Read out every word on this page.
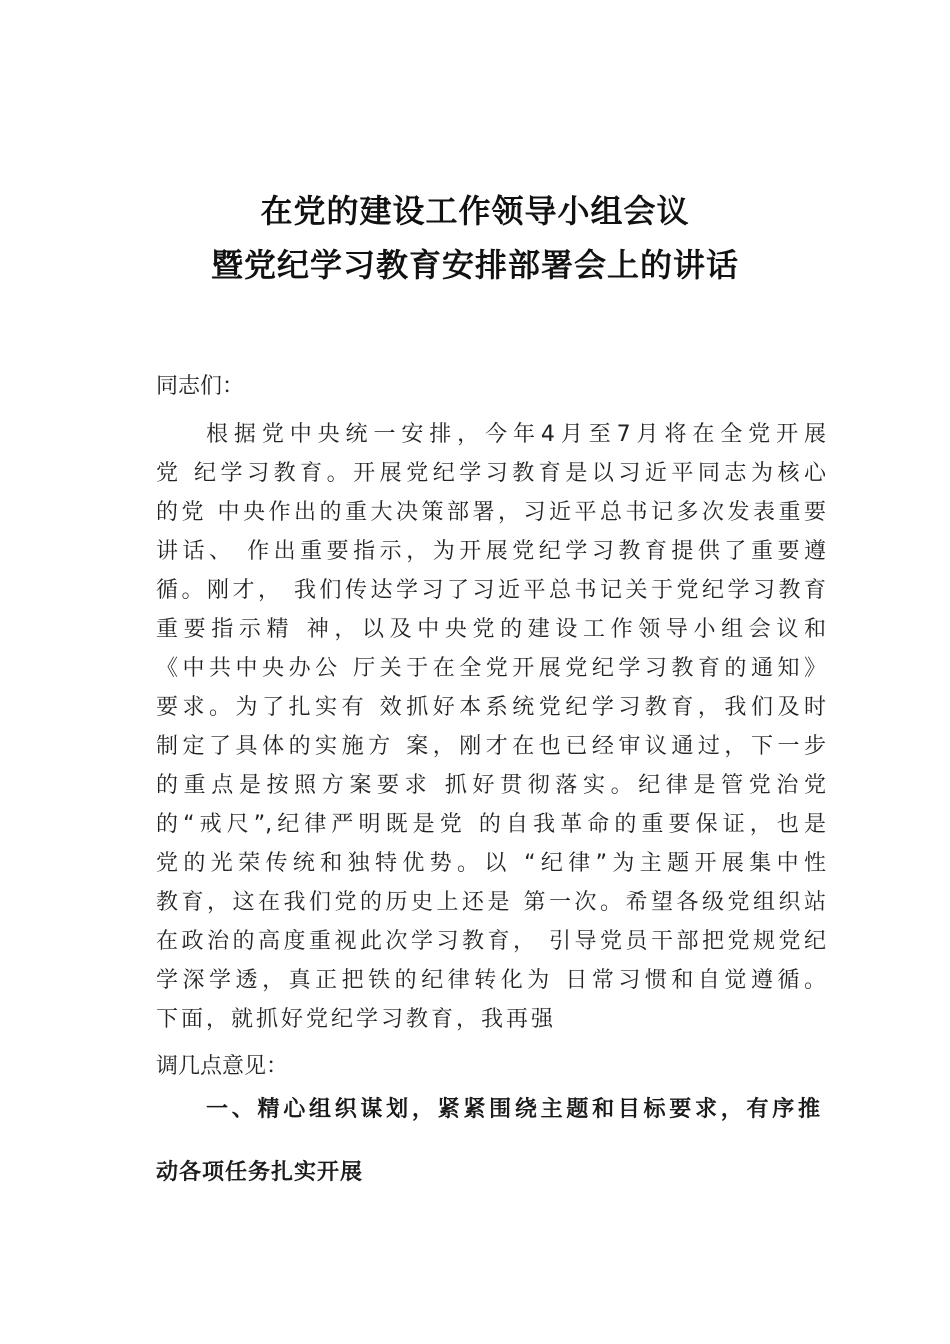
在党的建设工作领导小组会议
暨党纪学习教育安排部署会上的讲话
同志们：
根据党中央统一安排，今年4月至7月将在全党开展
党 纪学习教育。开展党纪学习教育是以习近平同志为核心
的党 中央作出的重大决策部署，习近平总书记多次发表重要
讲话、 作出重要指示，为开展党纪学习教育提供了重要遵
循。刚才， 我们传达学习了习近平总书记关于党纪学习教育
重要指示精 神，以及中央党的建设工作领导小组会议和
《中共中央办公 厅关于在全党开展党纪学习教育的通知》
要求。为了扎实有 效抓好本系统党纪学习教育，我们及时
制定了具体的实施方 案，刚才在也已经审议通过，下一步
的重点是按照方案要求 抓好贯彻落实。纪律是管党治党
的“戒尺”,纪律严明既是党 的自我革命的重要保证，也是
党的光荣传统和独特优势。以 “纪律”为主题开展集中性
教育，这在我们党的历史上还是 第一次。希望各级党组织站
在政治的高度重视此次学习教育， 引导党员干部把党规党纪
学深学透，真正把铁的纪律转化为 日常习惯和自觉遵循。
下面，就抓好党纪学习教育，我再强
调几点意见：
一、精心组织谋划，紧紧围绕主题和目标要求，有序推
动各项任务扎实开展
